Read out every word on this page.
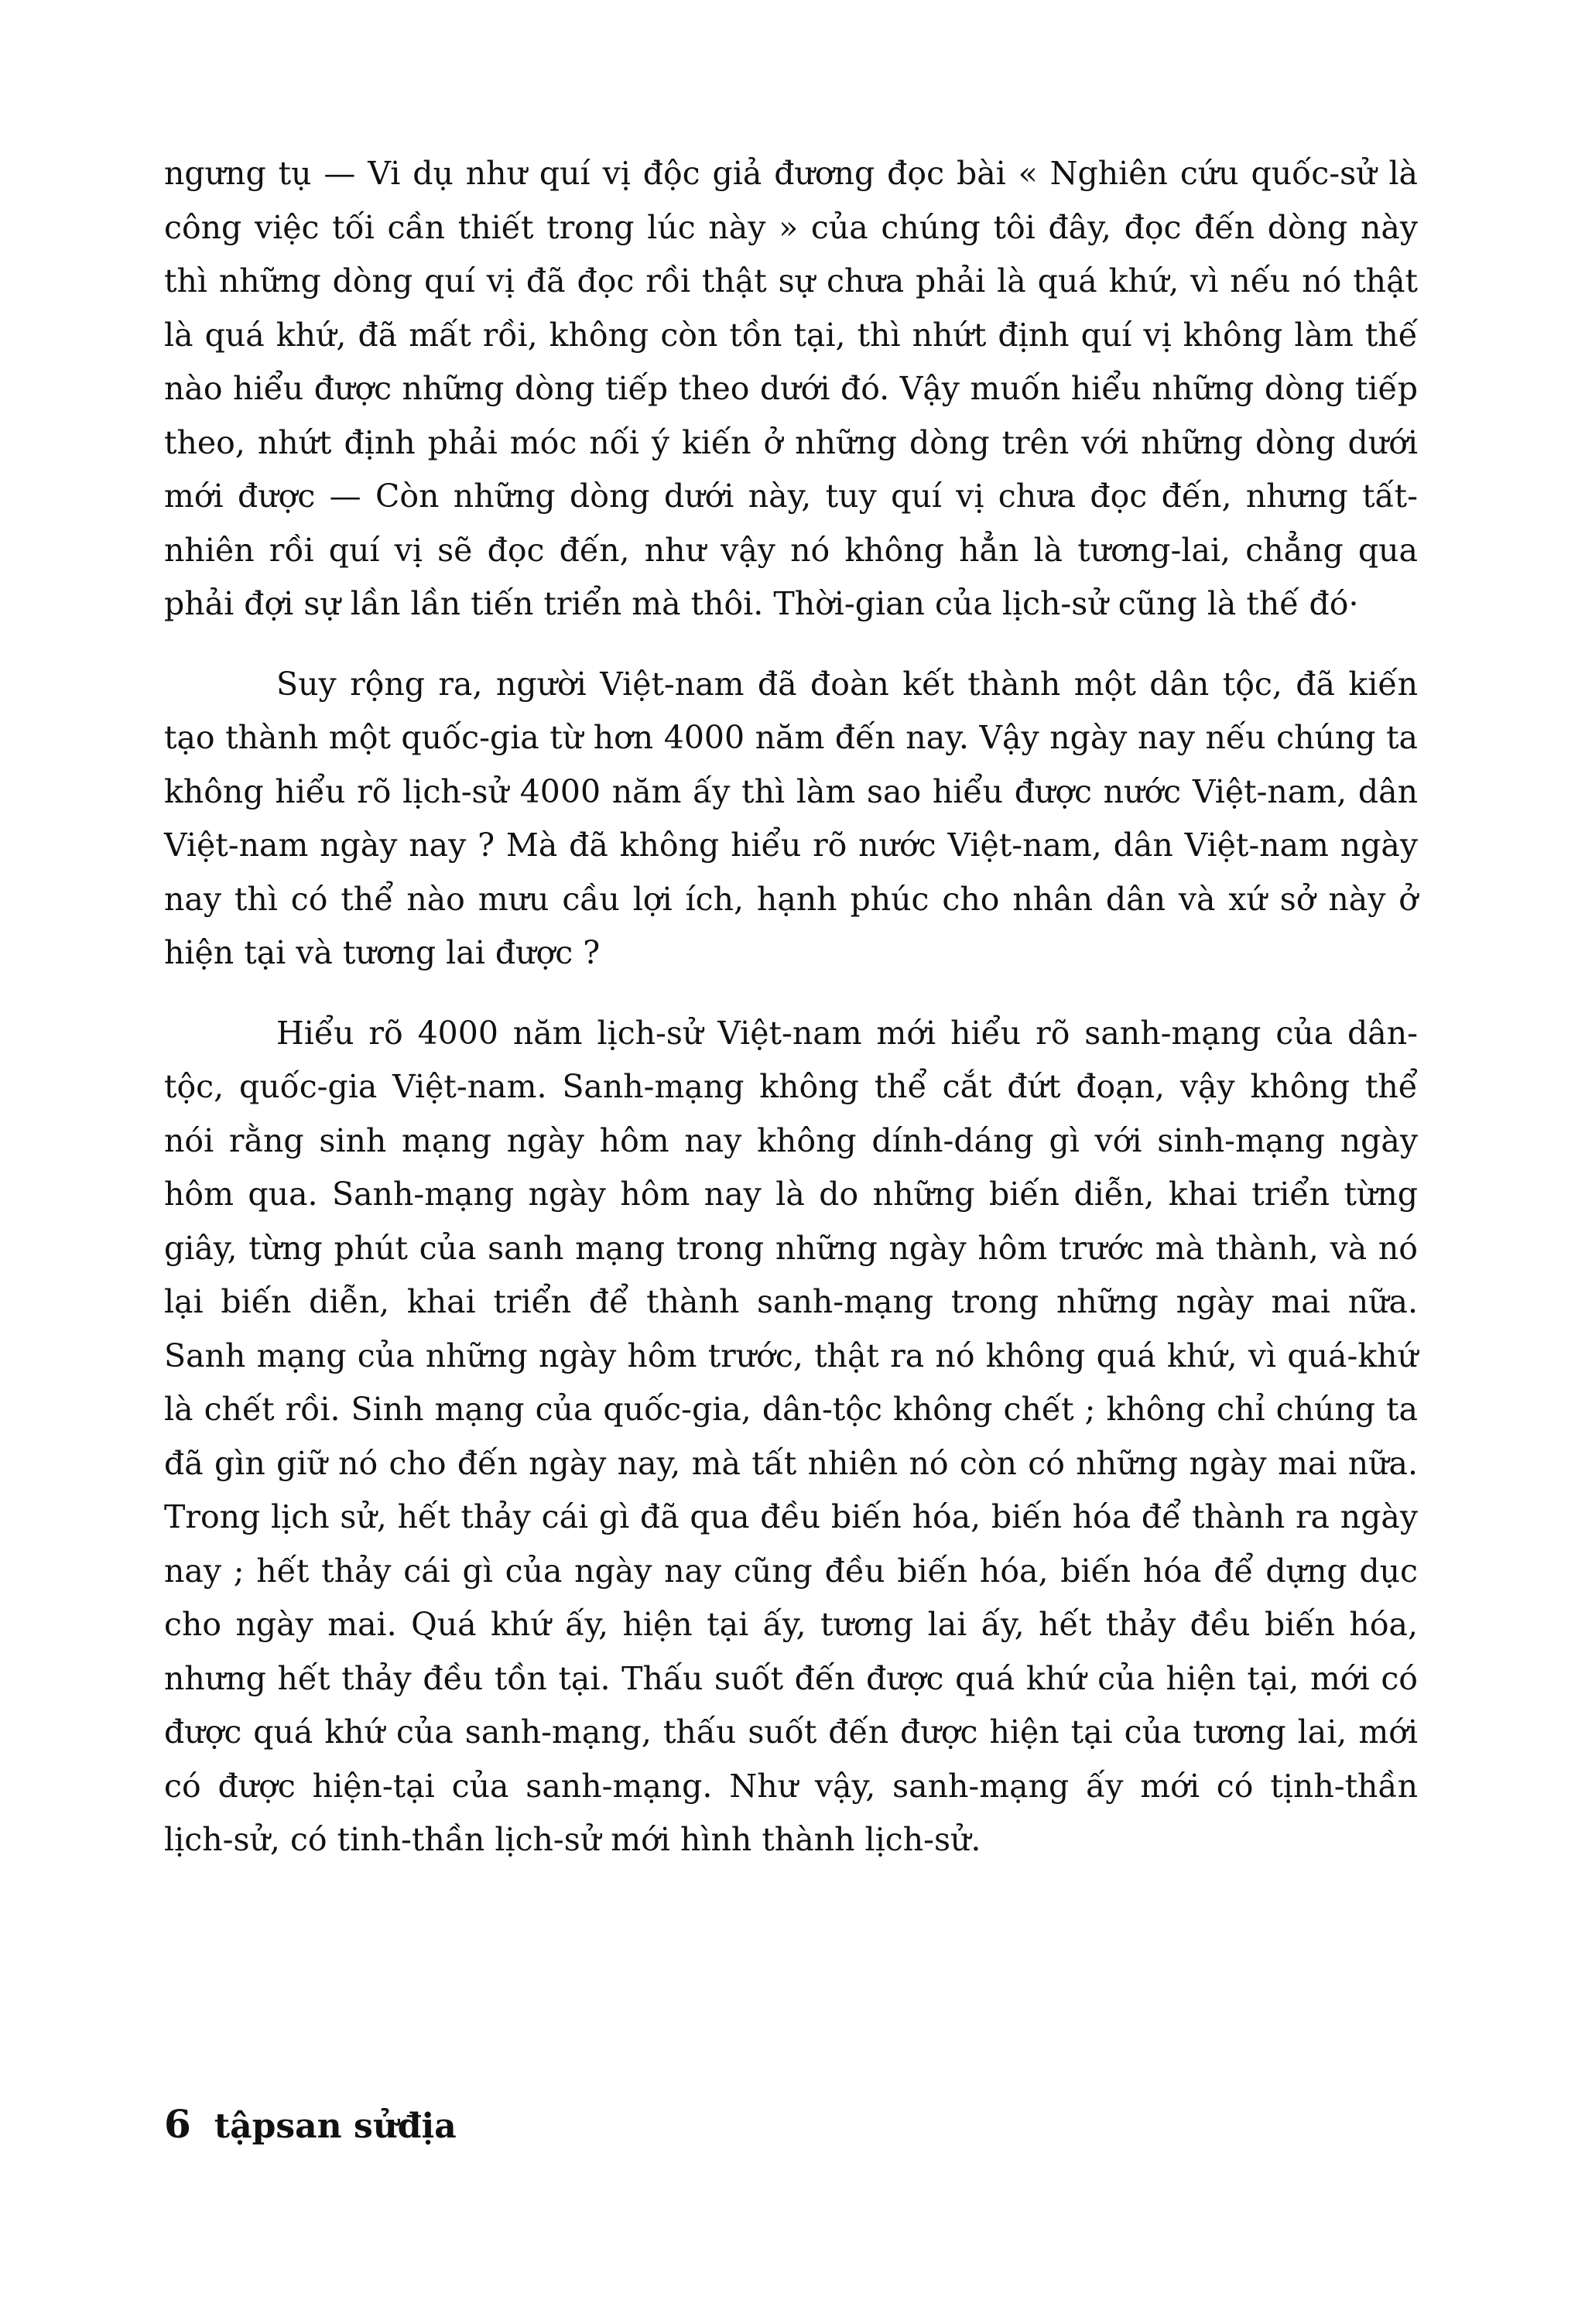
ngưng tụ — Vi dụ như quí vị độc giả đương đọc bài « Nghiên cứu quốc-sử là công việc tối cần thiết trong lúc này » của chúng tôi đây, đọc đến dòng này thì những dòng quí vị đã đọc rồi thật sự chưa phải là quá khứ, vì nếu nó thật là quá khứ, đã mất rồi, không còn tồn tại, thì nhứt định quí vị không làm thế nào hiểu được những dòng tiếp theo dưới đó. Vậy muốn hiểu những dòng tiếp theo, nhứt định phải móc nối ý kiến ở những dòng trên với những dòng dưới mới được — Còn những dòng dưới này, tuy quí vị chưa đọc đến, nhưng tất-nhiên rồi quí vị sẽ đọc đến, như vậy nó không hẳn là tương-lai, chẳng qua phải đợi sự lần lần tiến triển mà thôi. Thời-gian của lịch-sử cũng là thế đó·

Suy rộng ra, người Việt-nam đã đoàn kết thành một dân tộc, đã kiến tạo thành một quốc-gia từ hơn 4000 năm đến nay. Vậy ngày nay nếu chúng ta không hiểu rõ lịch-sử 4000 năm ấy thì làm sao hiểu được nước Việt-nam, dân Việt-nam ngày nay ? Mà đã không hiểu rõ nước Việt-nam, dân Việt-nam ngày nay thì có thể nào mưu cầu lợi ích, hạnh phúc cho nhân dân và xứ sở này ở hiện tại và tương lai được ?

Hiểu rõ 4000 năm lịch-sử Việt-nam mới hiểu rõ sanh-mạng của dân-tộc, quốc-gia Việt-nam. Sanh-mạng không thể cắt đứt đoạn, vậy không thể nói rằng sinh mạng ngày hôm nay không dính-dáng gì với sinh-mạng ngày hôm qua. Sanh-mạng ngày hôm nay là do những biến diễn, khai triển từng giây, từng phút của sanh mạng trong những ngày hôm trước mà thành, và nó lại biến diễn, khai triển để thành sanh-mạng trong những ngày mai nữa. Sanh mạng của những ngày hôm trước, thật ra nó không quá khứ, vì quá-khứ là chết rồi. Sinh mạng của quốc-gia, dân-tộc không chết ; không chỉ chúng ta đã gìn giữ nó cho đến ngày nay, mà tất nhiên nó còn có những ngày mai nữa. Trong lịch sử, hết thảy cái gì đã qua đều biến hóa, biến hóa để thành ra ngày nay ; hết thảy cái gì của ngày nay cũng đều biến hóa, biến hóa để dựng dục cho ngày mai. Quá khứ ấy, hiện tại ấy, tương lai ấy, hết thảy đều biến hóa, nhưng hết thảy đều tồn tại. Thấu suốt đến được quá khứ của hiện tại, mới có được quá khứ của sanh-mạng, thấu suốt đến được hiện tại của tương lai, mới có được hiện-tại của sanh-mạng. Như vậy, sanh-mạng ấy mới có tịnh-thần lịch-sử, có tinh-thần lịch-sử mới hình thành lịch-sử.

6 tậpsan sửđịa
